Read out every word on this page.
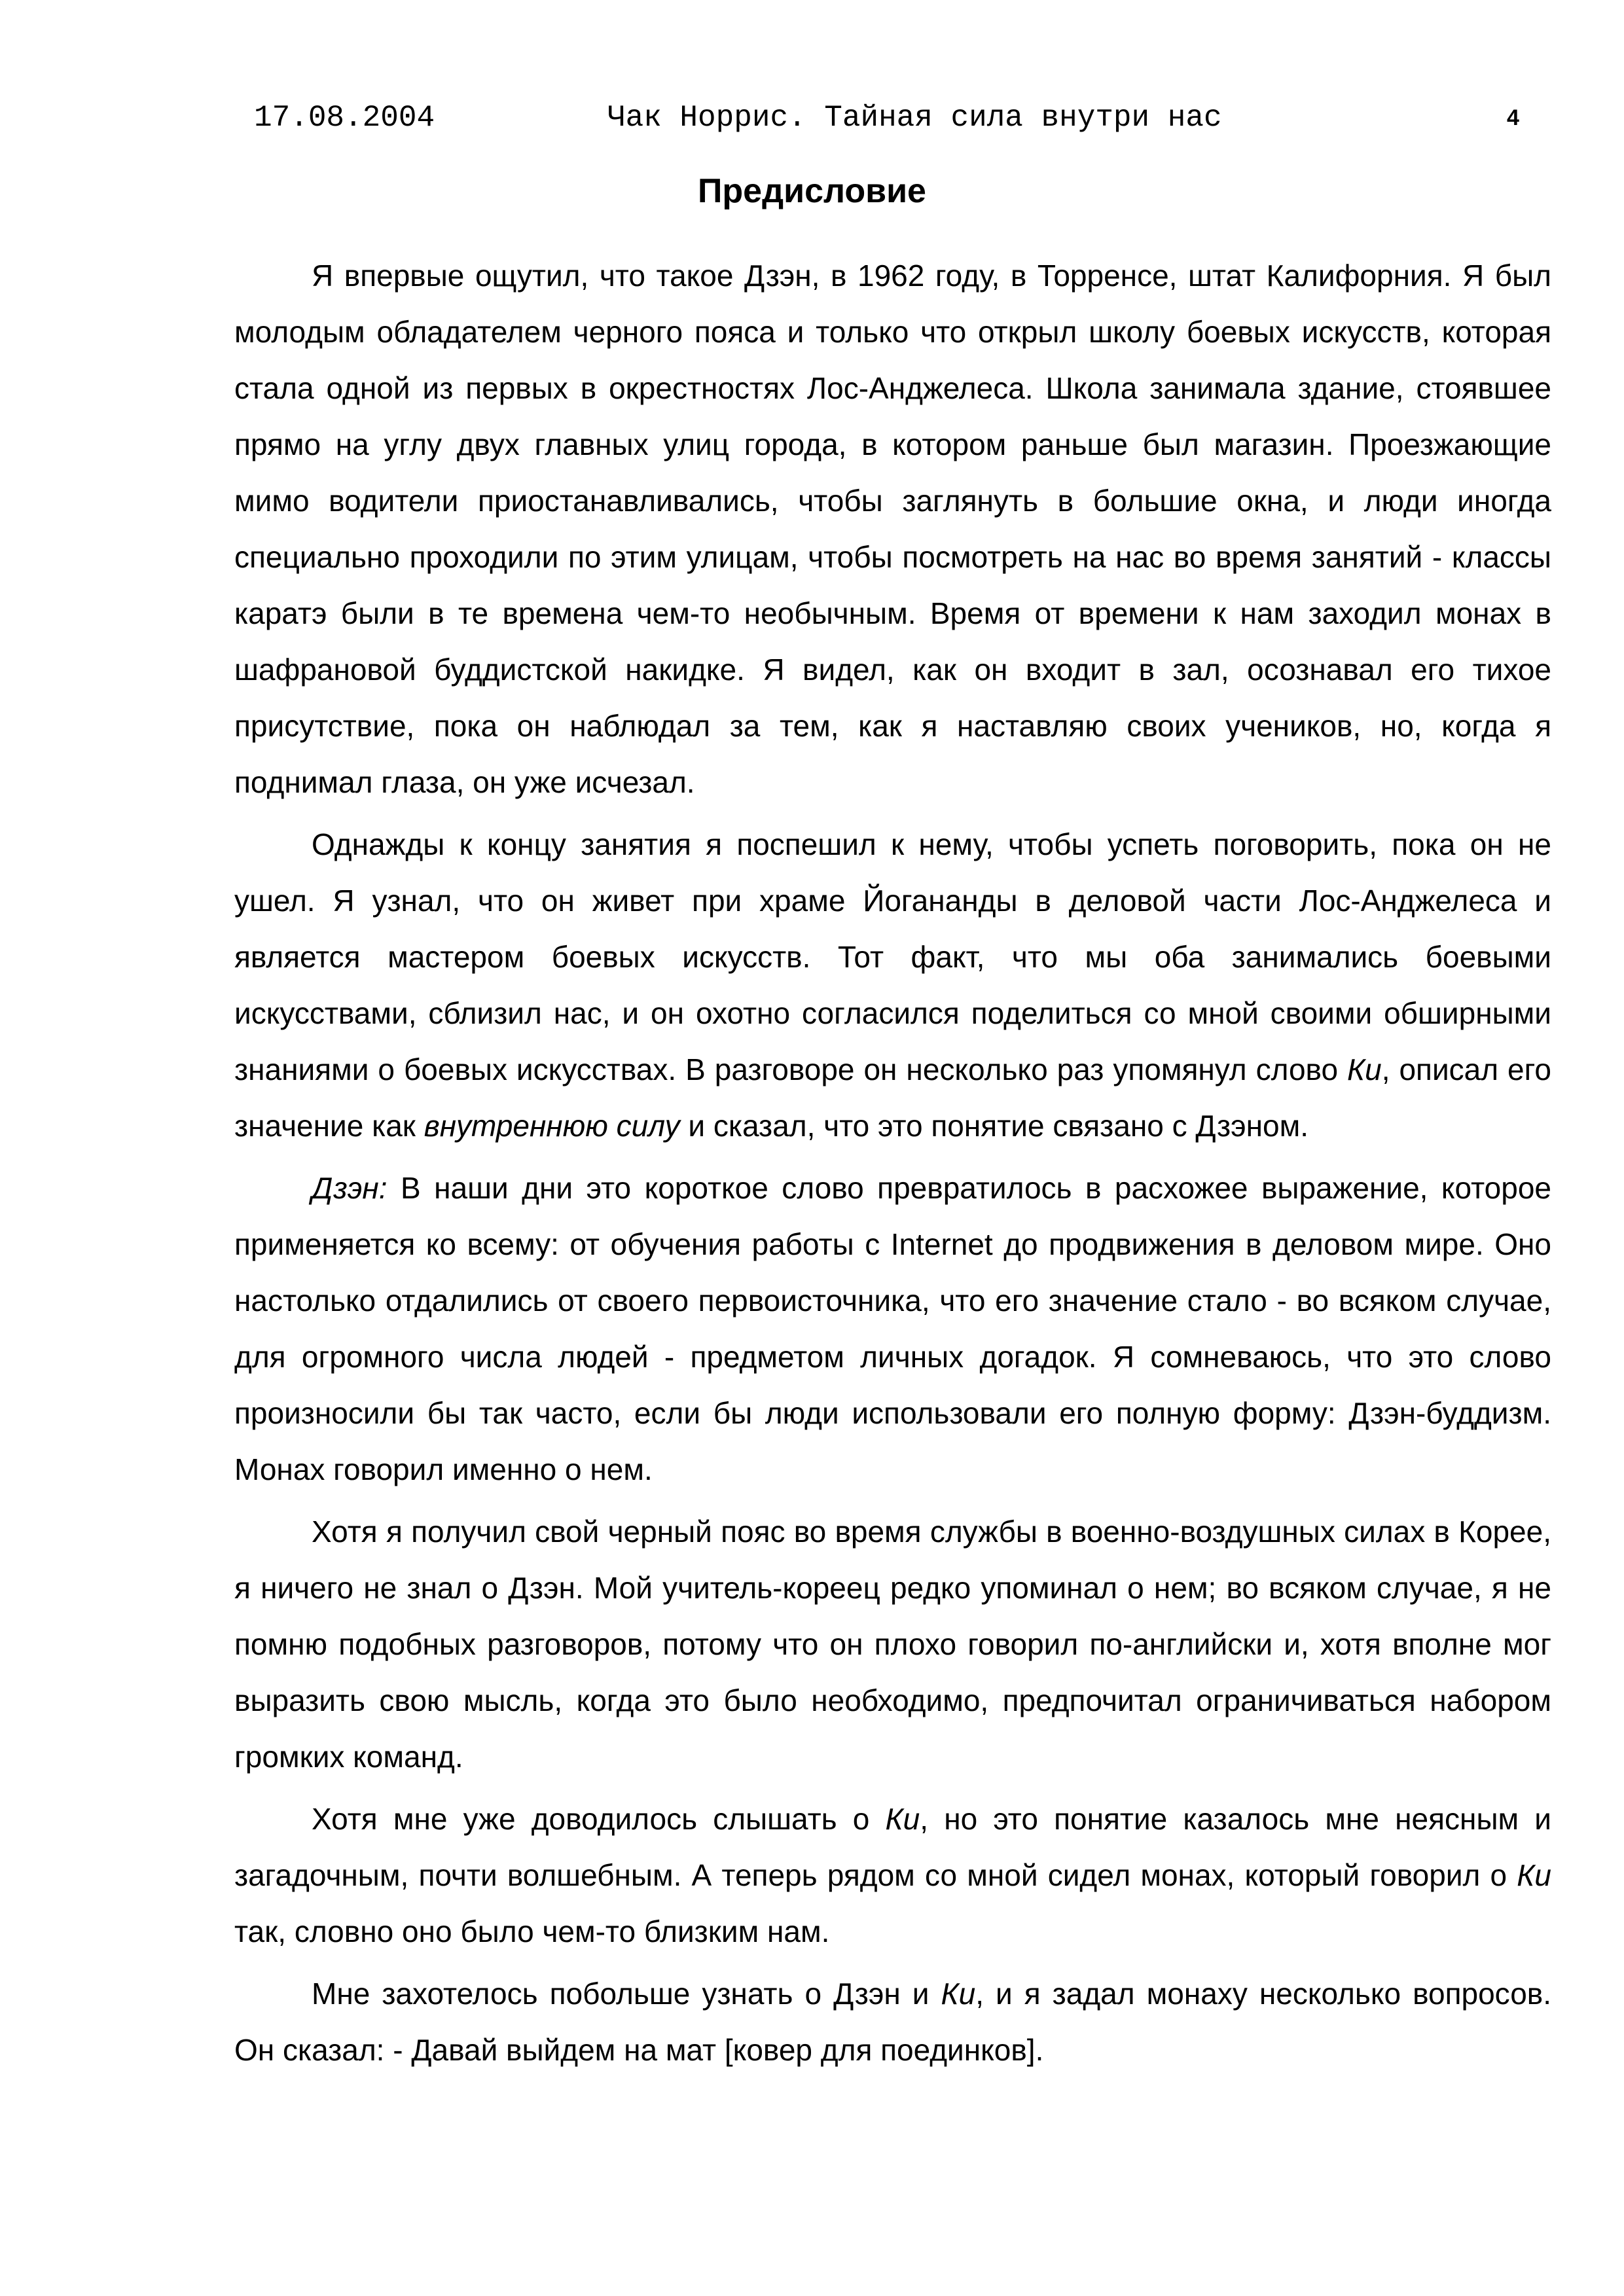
17.08.2004	Чак Норрис. Тайная сила внутри нас	4
Предисловие

Я впервые ощутил, что такое Дзэн, в 1962 году, в Торренсе, штат Калифорния. Я был молодым обладателем черного пояса и только что открыл школу боевых искусств, которая стала одной из первых в окрестностях Лос-Анджелеса. Школа занимала здание, стоявшее прямо на углу двух главных улиц города, в котором раньше был магазин. Проезжающие мимо водители приостанавливались, чтобы заглянуть в большие окна, и люди иногда специально проходили по этим улицам, чтобы посмотреть на нас во время занятий - классы каратэ были в те времена чем-то необычным. Время от времени к нам заходил монах в шафрановой буддистской накидке. Я видел, как он входит в зал, осознавал его тихое присутствие, пока он наблюдал за тем, как я наставляю своих учеников, но, когда я поднимал глаза, он уже исчезал.

Однажды к концу занятия я поспешил к нему, чтобы успеть поговорить, пока он не ушел. Я узнал, что он живет при храме Йогананды в деловой части Лос-Анджелеса и является мастером боевых искусств. Тот факт, что мы оба занимались боевыми искусствами, сблизил нас, и он охотно согласился поделиться со мной своими обширными знаниями о боевых искусствах. В разговоре он несколько раз упомянул слово Ки, описал его значение как внутреннюю силу и сказал, что это понятие связано с Дзэном.

Дзэн: В наши дни это короткое слово превратилось в расхожее выражение, которое применяется ко всему: от обучения работы с Internet до продвижения в деловом мире. Оно настолько отдалились от своего первоисточника, что его значение стало - во всяком случае, для огромного числа людей - предметом личных догадок. Я сомневаюсь, что это слово произносили бы так часто, если бы люди использовали его полную форму: Дзэн-буддизм. Монах говорил именно о нем.

Хотя я получил свой черный пояс во время службы в военно-воздушных силах в Корее, я ничего не знал о Дзэн. Мой учитель-кореец редко упоминал о нем; во всяком случае, я не помню подобных разговоров, потому что он плохо говорил по-английски и, хотя вполне мог выразить свою мысль, когда это было необходимо, предпочитал ограничиваться набором громких команд.

Хотя мне уже доводилось слышать о Ки, но это понятие казалось мне неясным и загадочным, почти волшебным. А теперь рядом со мной сидел монах, который говорил о Ки так, словно оно было чем-то близким нам.

Мне захотелось побольше узнать о Дзэн и Ки, и я задал монаху несколько вопросов. Он сказал: - Давай выйдем на мат [ковер для поединков].
